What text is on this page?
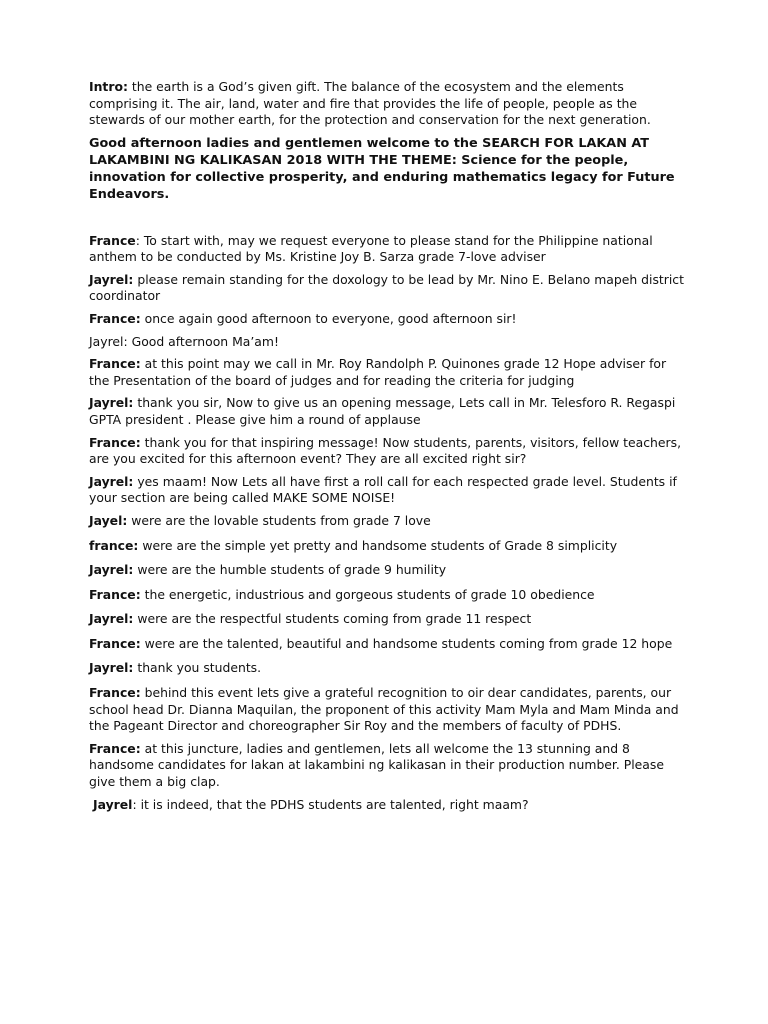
Intro: the earth is a God’s given gift. The balance of the ecosystem and the elements comprising it. The air, land, water and fire that provides the life of people, people as the stewards of our mother earth, for the protection and conservation for the next generation.

Good afternoon ladies and gentlemen welcome to the SEARCH FOR LAKAN AT LAKAMBINI NG KALIKASAN 2018 WITH THE THEME: Science for the people, innovation for collective prosperity, and enduring mathematics legacy for Future Endeavors.

France: To start with, may we request everyone to please stand for the Philippine national anthem to be conducted by Ms. Kristine Joy B. Sarza grade 7-love adviser

Jayrel: please remain standing for the doxology to be lead by Mr. Nino E. Belano mapeh district coordinator

France: once again good afternoon to everyone, good afternoon sir!

Jayrel: Good afternoon Ma’am!

France: at this point may we call in Mr. Roy Randolph P. Quinones grade 12 Hope adviser for the Presentation of the board of judges and for reading the criteria for judging

Jayrel: thank you sir, Now to give us an opening message, Lets call in Mr. Telesforo R. Regaspi GPTA president . Please give him a round of applause

France: thank you for that inspiring message! Now students, parents, visitors, fellow teachers, are you excited for this afternoon event? They are all excited right sir?

Jayrel: yes maam! Now Lets all have first a roll call for each respected grade level. Students if your section are being called MAKE SOME NOISE!

Jayel: were are the lovable students from grade 7 love

france: were are the simple yet pretty and handsome students of Grade 8 simplicity

Jayrel: were are the humble students of grade 9 humility

France: the energetic, industrious and gorgeous students of grade 10 obedience

Jayrel: were are the respectful students coming from grade 11 respect

France: were are the talented, beautiful and handsome students coming from grade 12 hope

Jayrel: thank you students.

France: behind this event lets give a grateful recognition to oir dear candidates, parents, our school head Dr. Dianna Maquilan, the proponent of this activity Mam Myla and Mam Minda and the Pageant Director and choreographer Sir Roy and the members of faculty of PDHS.

France: at this juncture, ladies and gentlemen, lets all welcome the 13 stunning and 8 handsome candidates for lakan at lakambini ng kalikasan in their production number. Please give them a big clap.

Jayrel: it is indeed, that the PDHS students are talented, right maam?
